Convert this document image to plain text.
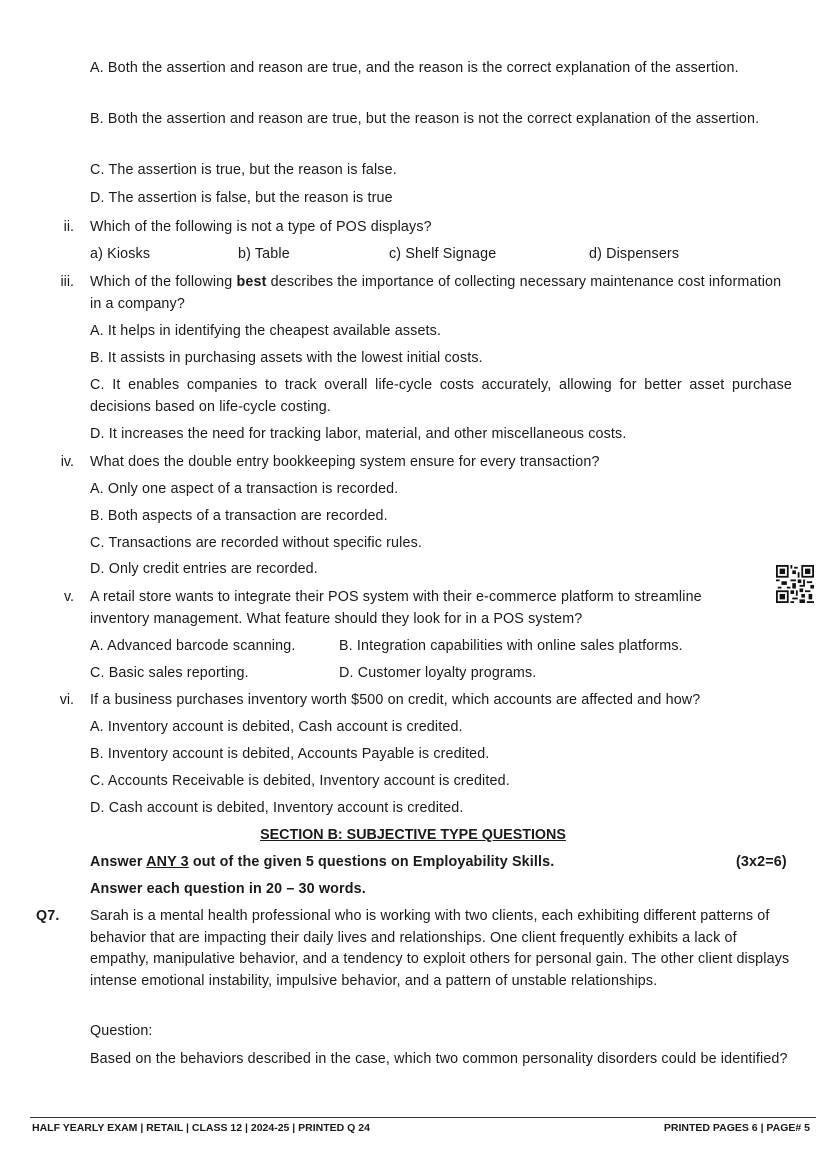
A. Both the assertion and reason are true, and the reason is the correct explanation of the assertion.
B. Both the assertion and reason are true, but the reason is not the correct explanation of the assertion.
C. The assertion is true, but the reason is false.
D. The assertion is false, but the reason is true
ii. Which of the following is not a type of POS displays?
a) Kiosks	b) Table	c) Shelf Signage	d) Dispensers
iii. Which of the following best describes the importance of collecting necessary maintenance cost information in a company?
A. It helps in identifying the cheapest available assets.
B. It assists in purchasing assets with the lowest initial costs.
C. It enables companies to track overall life-cycle costs accurately, allowing for better asset purchase decisions based on life-cycle costing.
D. It increases the need for tracking labor, material, and other miscellaneous costs.
iv. What does the double entry bookkeeping system ensure for every transaction?
A. Only one aspect of a transaction is recorded.
B. Both aspects of a transaction are recorded.
C. Transactions are recorded without specific rules.
D. Only credit entries are recorded.
v. A retail store wants to integrate their POS system with their e-commerce platform to streamline inventory management. What feature should they look for in a POS system?
A. Advanced barcode scanning.	B. Integration capabilities with online sales platforms.
C. Basic sales reporting.	D. Customer loyalty programs.
vi. If a business purchases inventory worth $500 on credit, which accounts are affected and how?
A. Inventory account is debited, Cash account is credited.
B. Inventory account is debited, Accounts Payable is credited.
C. Accounts Receivable is debited, Inventory account is credited.
D. Cash account is debited, Inventory account is credited.
SECTION B: SUBJECTIVE TYPE QUESTIONS
Answer ANY 3 out of the given 5 questions on Employability Skills.	(3x2=6)
Answer each question in 20 – 30 words.
Q7. Sarah is a mental health professional who is working with two clients, each exhibiting different patterns of behavior that are impacting their daily lives and relationships. One client frequently exhibits a lack of empathy, manipulative behavior, and a tendency to exploit others for personal gain. The other client displays intense emotional instability, impulsive behavior, and a pattern of unstable relationships.
Question:
Based on the behaviors described in the case, which two common personality disorders could be identified?
HALF YEARLY EXAM | RETAIL | CLASS 12 | 2024-25 | PRINTED Q 24	PRINTED PAGES 6 | PAGE# 5
